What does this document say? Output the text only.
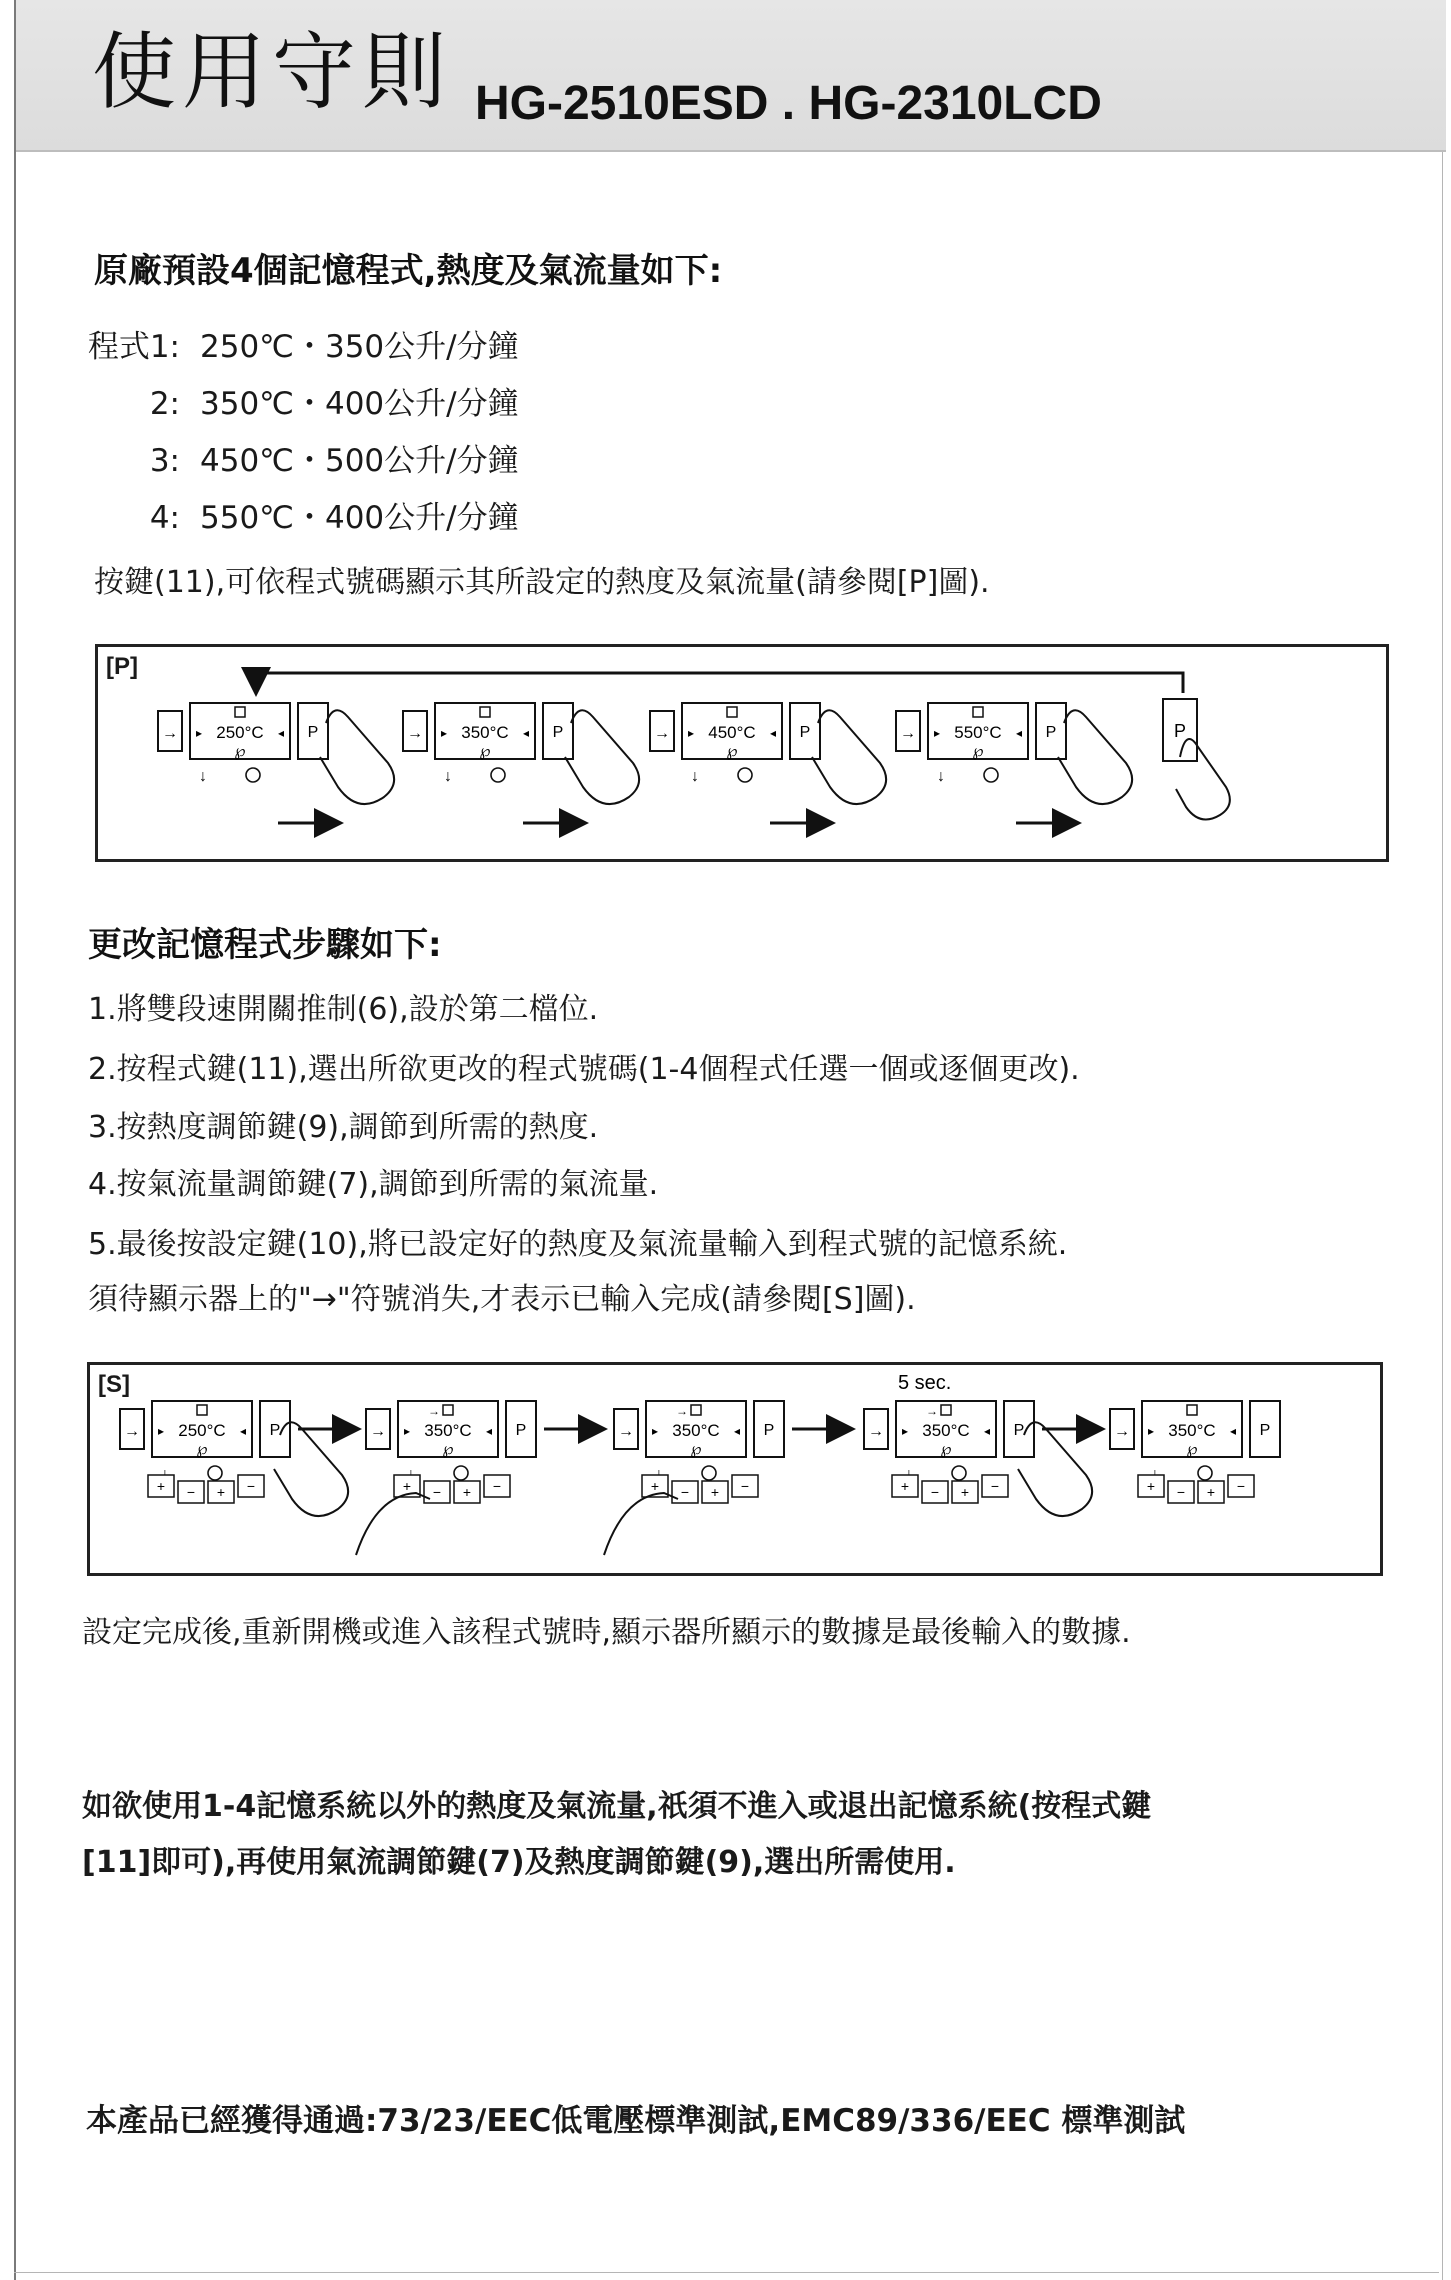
使用守則 HG-2510ESD . HG-2310LCD
原廠預設4個記憶程式,熱度及氣流量如下:
程式1: 250℃・350公升/分鐘
2: 350℃・400公升/分鐘
3: 450℃・500公升/分鐘
4: 550℃・400公升/分鐘
按鍵(11),可依程式號碼顯示其所設定的熱度及氣流量(請參閱[P]圖).
[P]
→ ▸	◂
250°C
℘
P
↓
→ ▸	◂
350°C
℘
P
↓
→ ▸	◂
450°C
℘
P
↓
→ ▸	◂
550°C
℘
P
↓
P
更改記憶程式步驟如下:
1.將雙段速開關推制(6),設於第二檔位.
2.按程式鍵(11),選出所欲更改的程式號碼(1-4個程式任選一個或逐個更改).
3.按熱度調節鍵(9),調節到所需的熱度.
4.按氣流量調節鍵(7),調節到所需的氣流量.
5.最後按設定鍵(10),將已設定好的熱度及氣流量輸入到程式號的記憶系統.
須待顯示器上的"→"符號消失,才表示已輸入完成(請參閱[S]圖).
[S]	5 sec.
→ ▸	◂
250°C
℘
P
+ − + −
→
→
▸	◂
350°C
℘
P
+ − + −
→
→
▸	◂
350°C
℘
P
+ − + −
→
→
▸	◂
350°C
℘
P
+ − + −
→ ▸	◂
350°C
℘
P
+ − + −
設定完成後,重新開機或進入該程式號時,顯示器所顯示的數據是最後輸入的數據.
如欲使用1-4記憶系統以外的熱度及氣流量,祇須不進入或退出記憶系統(按程式鍵
[11]即可),再使用氣流調節鍵(7)及熱度調節鍵(9),選出所需使用.
本產品已經獲得通過:73/23/EEC低電壓標準測試,EMC89/336/EEC 標準測試
